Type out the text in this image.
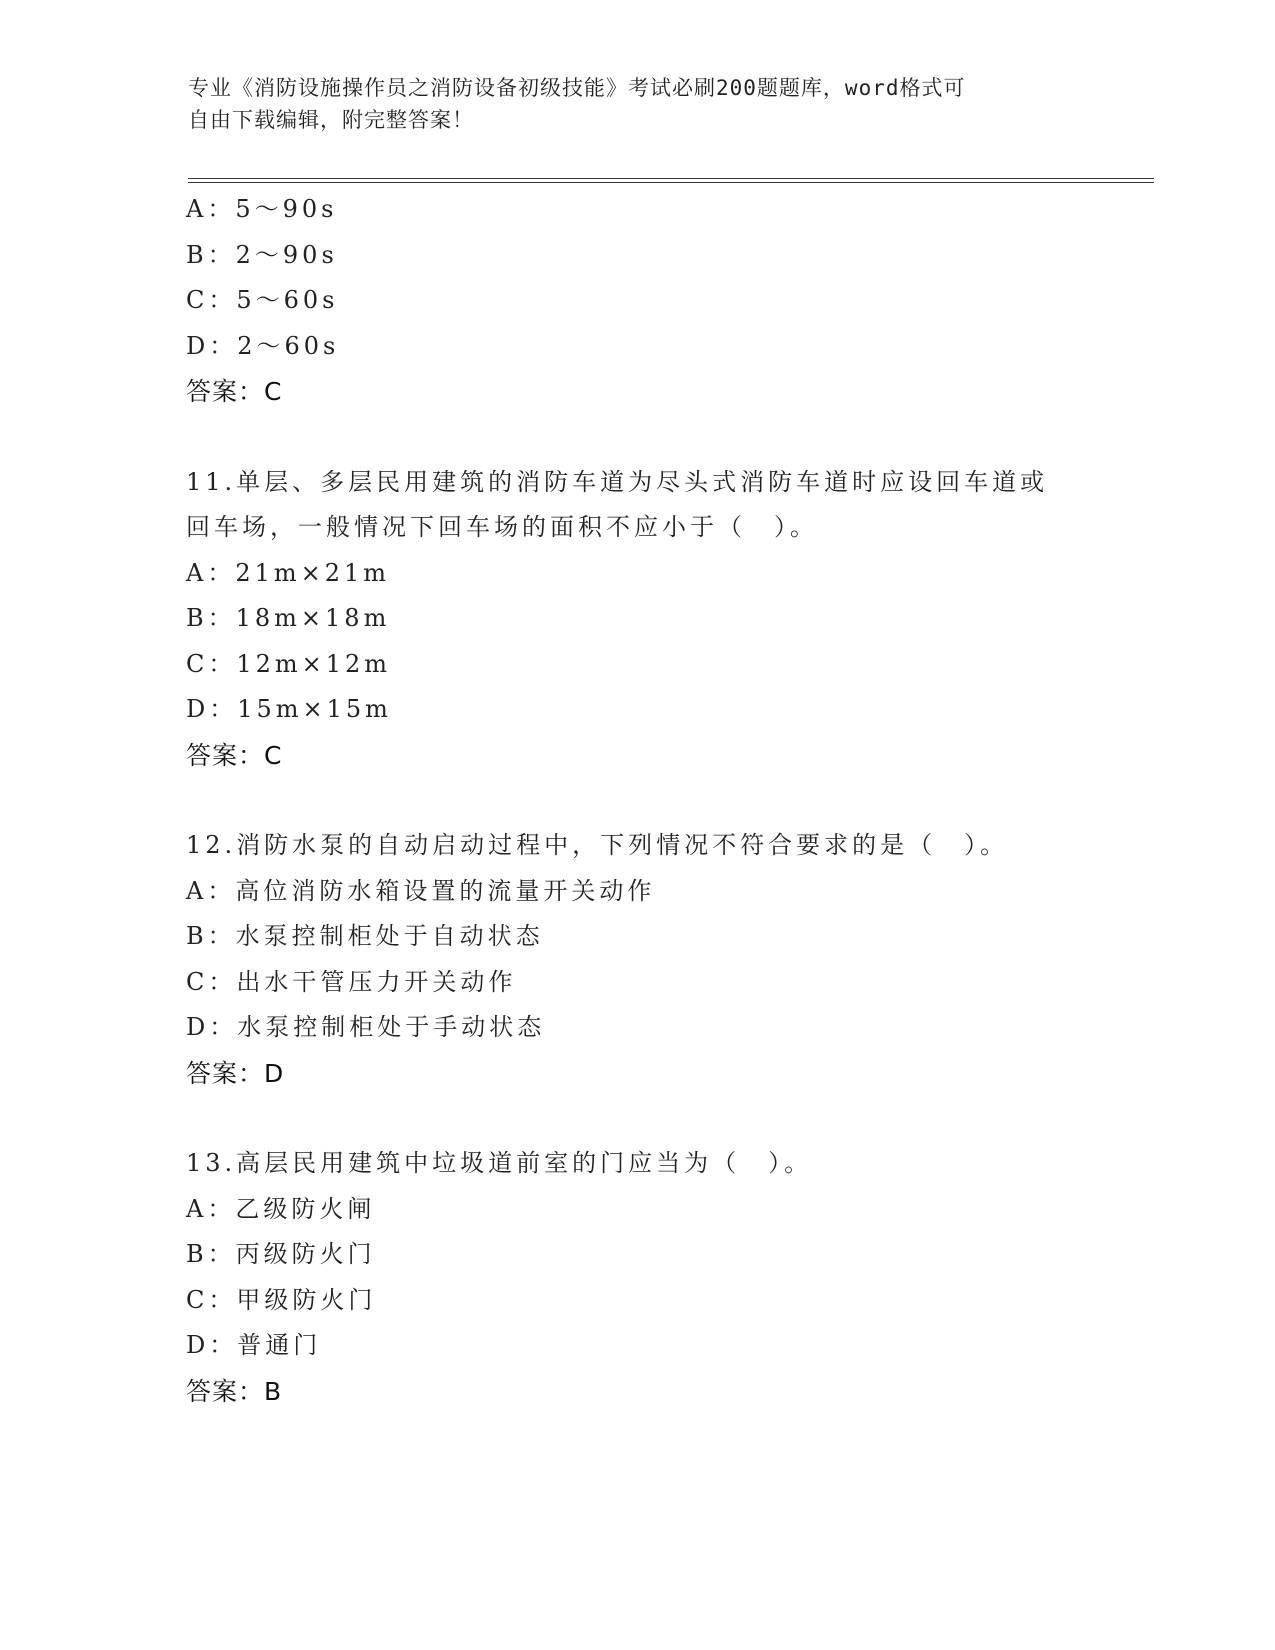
专业《消防设施操作员之消防设备初级技能》考试必刷200题题库，word格式可
自由下载编辑，附完整答案！
A：5～90s
B：2～90s
C：5～60s
D：2～60s
答案：C
11.单层、多层民用建筑的消防车道为尽头式消防车道时应设回车道或
回车场，一般情况下回车场的面积不应小于（　）。
A：21m×21m
B：18m×18m
C：12m×12m
D：15m×15m
答案：C
12.消防水泵的自动启动过程中，下列情况不符合要求的是（　）。
A：高位消防水箱设置的流量开关动作
B：水泵控制柜处于自动状态
C：出水干管压力开关动作
D：水泵控制柜处于手动状态
答案：D
13.高层民用建筑中垃圾道前室的门应当为（　）。
A：乙级防火闸
B：丙级防火门
C：甲级防火门
D：普通门
答案：B
